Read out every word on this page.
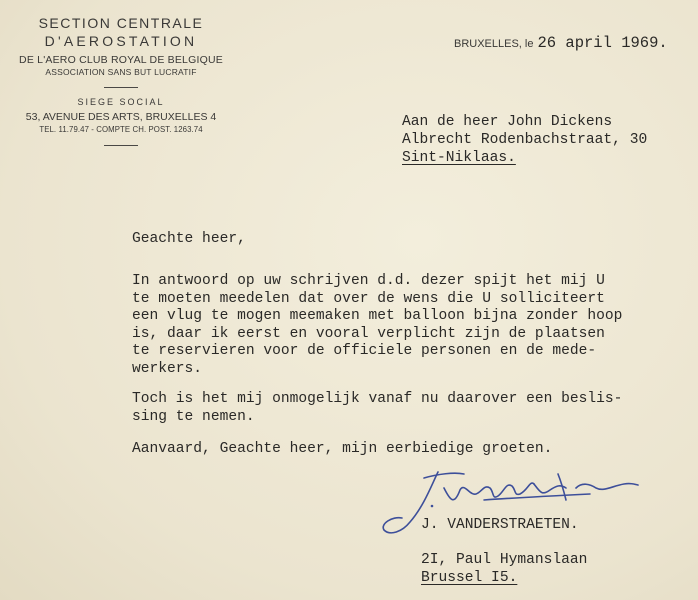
SECTION CENTRALE
D'AEROSTATION
DE L'AERO CLUB ROYAL DE BELGIQUE
ASSOCIATION SANS BUT LUCRATIF
SIEGE SOCIAL
53, AVENUE DES ARTS, BRUXELLES 4
TEL. 11.79.47 - COMPTE CH. POST. 1263.74
BRUXELLES, le 26 april 1969.
Aan de heer John Dickens
Albrecht Rodenbachstraat, 30
Sint-Niklaas.
Geachte heer,
In antwoord op uw schrijven d.d. dezer spijt het mij U
te moeten meedelen dat over de wens die U solliciteert
een vlug te mogen meemaken met balloon bijna zonder hoop
is, daar ik eerst en vooral verplicht zijn de plaatsen
te reservieren voor de officiele personen en de mede-
werkers.
Toch is het mij onmogelijk vanaf nu daarover een beslis-
sing te nemen.
Aanvaard, Geachte heer, mijn eerbiedige groeten.
J. VANDERSTRAETEN.
2I, Paul Hymanslaan
Brussel I5.
